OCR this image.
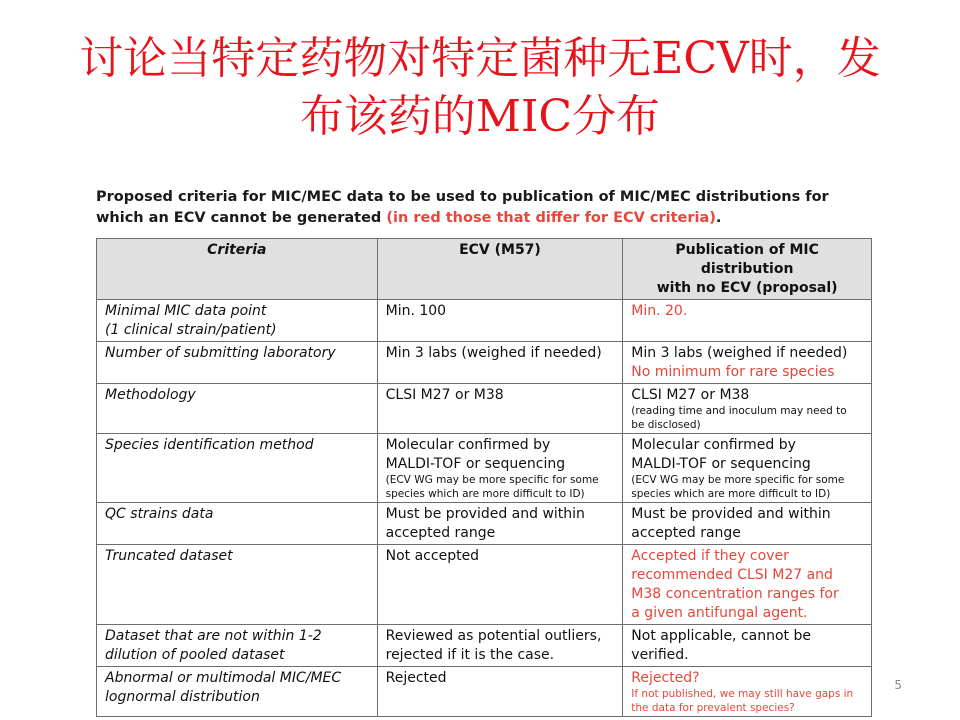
讨论当特定药物对特定菌种无ECV时，发
布该药的MIC分布
Proposed criteria for MIC/MEC data to be used to publication of MIC/MEC distributions for which an ECV cannot be generated (in red those that differ for ECV criteria).
Criteria	ECV (M57)	Publication of MIC distribution
with no ECV (proposal)

Minimal MIC data point
(1 clinical strain/patient)	Min. 100	Min. 20.

Number of submitting laboratory	Min 3 labs (weighed if needed)	Min 3 labs (weighed if needed)
No minimum for rare species

Methodology	CLSI M27 or M38	CLSI M27 or M38
(reading time and inoculum may need to be disclosed)

Species identification method	Molecular confirmed by
MALDI-TOF or sequencing
(ECV WG may be more specific for some species which are more difficult to ID)	Molecular confirmed by
MALDI-TOF or sequencing
(ECV WG may be more specific for some species which are more difficult to ID)

QC strains data	Must be provided and within
accepted range	Must be provided and within
accepted range

Truncated dataset	Not accepted	Accepted if they cover
recommended CLSI M27 and
M38 concentration ranges for
a given antifungal agent.

Dataset that are not within 1-2
dilution of pooled dataset	Reviewed as potential outliers,
rejected if it is the case.	Not applicable, cannot be
verified.

Abnormal or multimodal MIC/MEC
lognormal distribution	Rejected	Rejected?
If not published, we may still have gaps in the data for prevalent species?
5
